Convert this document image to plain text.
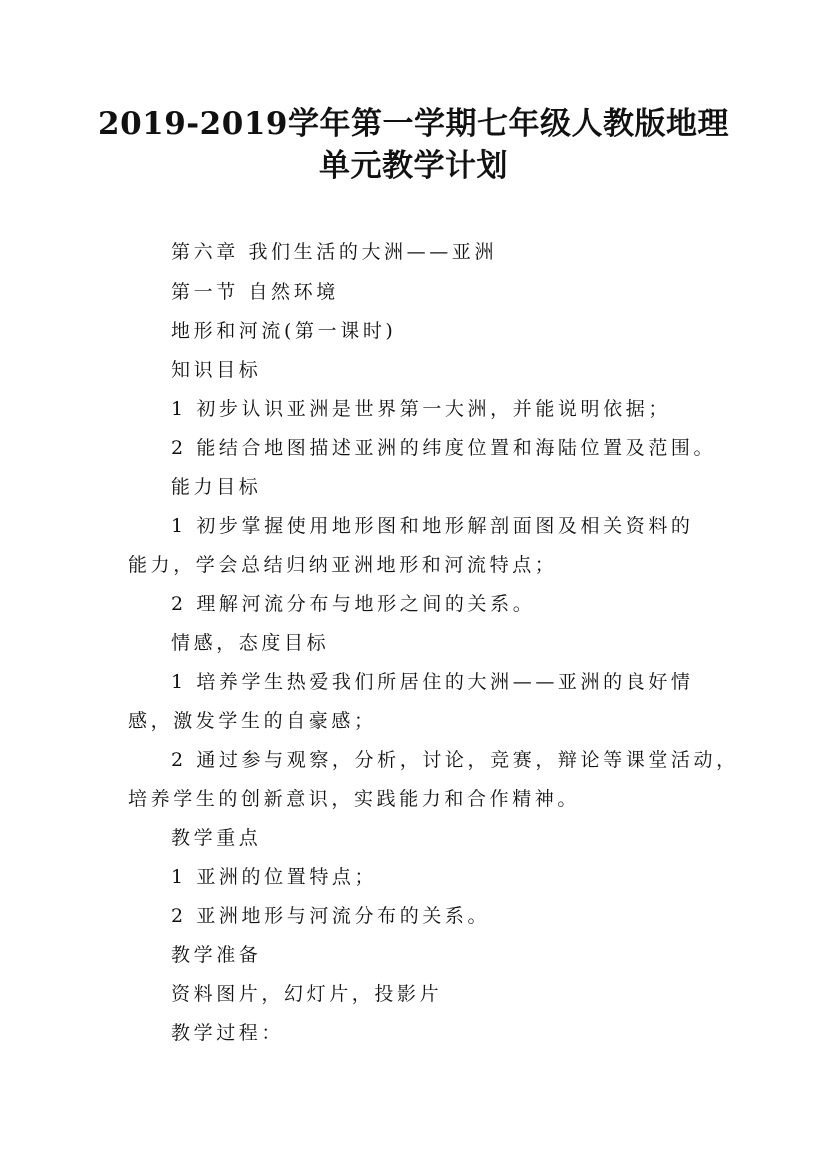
2019-2019学年第一学期七年级人教版地理
单元教学计划
第六章 我们生活的大洲——亚洲
第一节 自然环境
地形和河流(第一课时)
知识目标
1 初步认识亚洲是世界第一大洲，并能说明依据；
2 能结合地图描述亚洲的纬度位置和海陆位置及范围。
能力目标
1 初步掌握使用地形图和地形解剖面图及相关资料的
能力，学会总结归纳亚洲地形和河流特点；
2 理解河流分布与地形之间的关系。
情感，态度目标
1 培养学生热爱我们所居住的大洲——亚洲的良好情
感，激发学生的自豪感；
2 通过参与观察，分析，讨论，竞赛，辩论等课堂活动，
培养学生的创新意识，实践能力和合作精神。
教学重点
1 亚洲的位置特点；
2 亚洲地形与河流分布的关系。
教学准备
资料图片，幻灯片，投影片
教学过程：
